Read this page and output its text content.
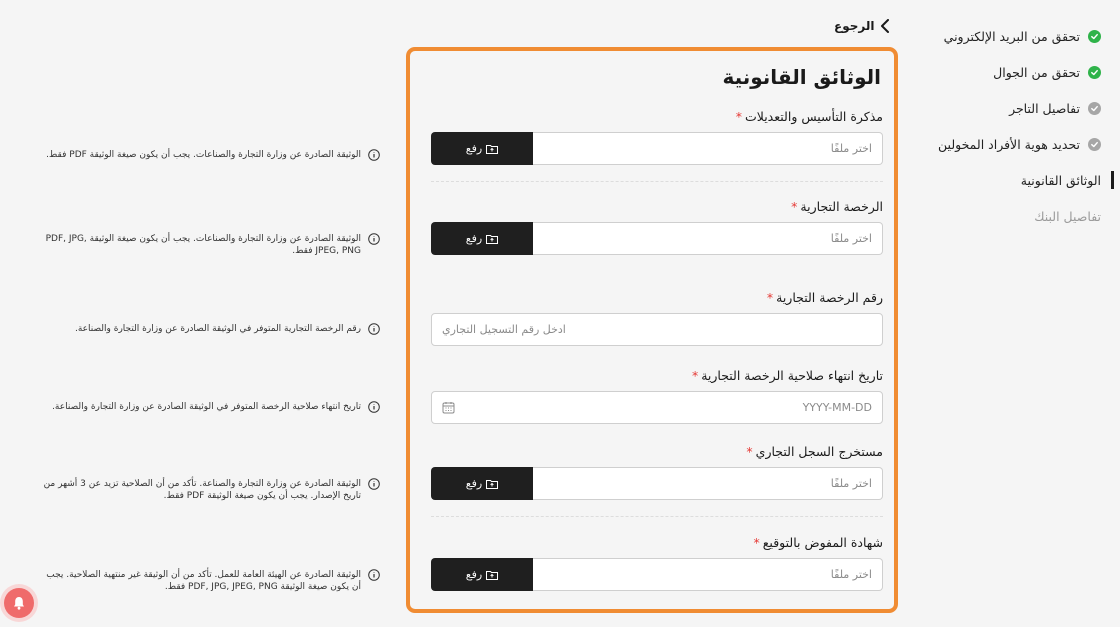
الرجوع
تحقق من البريد الإلكتروني
تحقق من الجوال
تفاصيل التاجر
تحديد هوية الأفراد المخولين
الوثائق القانونية
تفاصيل البنك
الوثائق القانونية
مذكرة التأسيس والتعديلات*
رفع	اختر ملفًا
الرخصة التجارية*
رفع	اختر ملفًا
رقم الرخصة التجارية*
ادخل رقم التسجيل التجاري
تاريخ انتهاء صلاحية الرخصة التجارية*
YYYY-MM-DD
مستخرج السجل التجاري*
رفع	اختر ملفًا
شهادة المفوض بالتوقيع*
رفع	اختر ملفًا
الوثيقة الصادرة عن وزارة التجارة والصناعات. يجب أن يكون صيغة الوثيقة PDF فقط.
الوثيقة الصادرة عن وزارة التجارة والصناعات. يجب أن يكون صيغة الوثيقة PDF, JPG, JPEG, PNG فقط.
رقم الرخصة التجارية المتوفر في الوثيقة الصادرة عن وزارة التجارة والصناعة.
تاريخ انتهاء صلاحية الرخصة المتوفر في الوثيقة الصادرة عن وزارة التجارة والصناعة.
الوثيقة الصادرة عن وزارة التجارة والصناعة. تأكد من أن الصلاحية تزيد عن 3 أشهر من تاريخ الإصدار. يجب أن يكون صيغة الوثيقة PDF فقط.
الوثيقة الصادرة عن الهيئة العامة للعمل. تأكد من أن الوثيقة غير منتهية الصلاحية. يجب أن يكون صيغة الوثيقة PDF, JPG, JPEG, PNG فقط.
